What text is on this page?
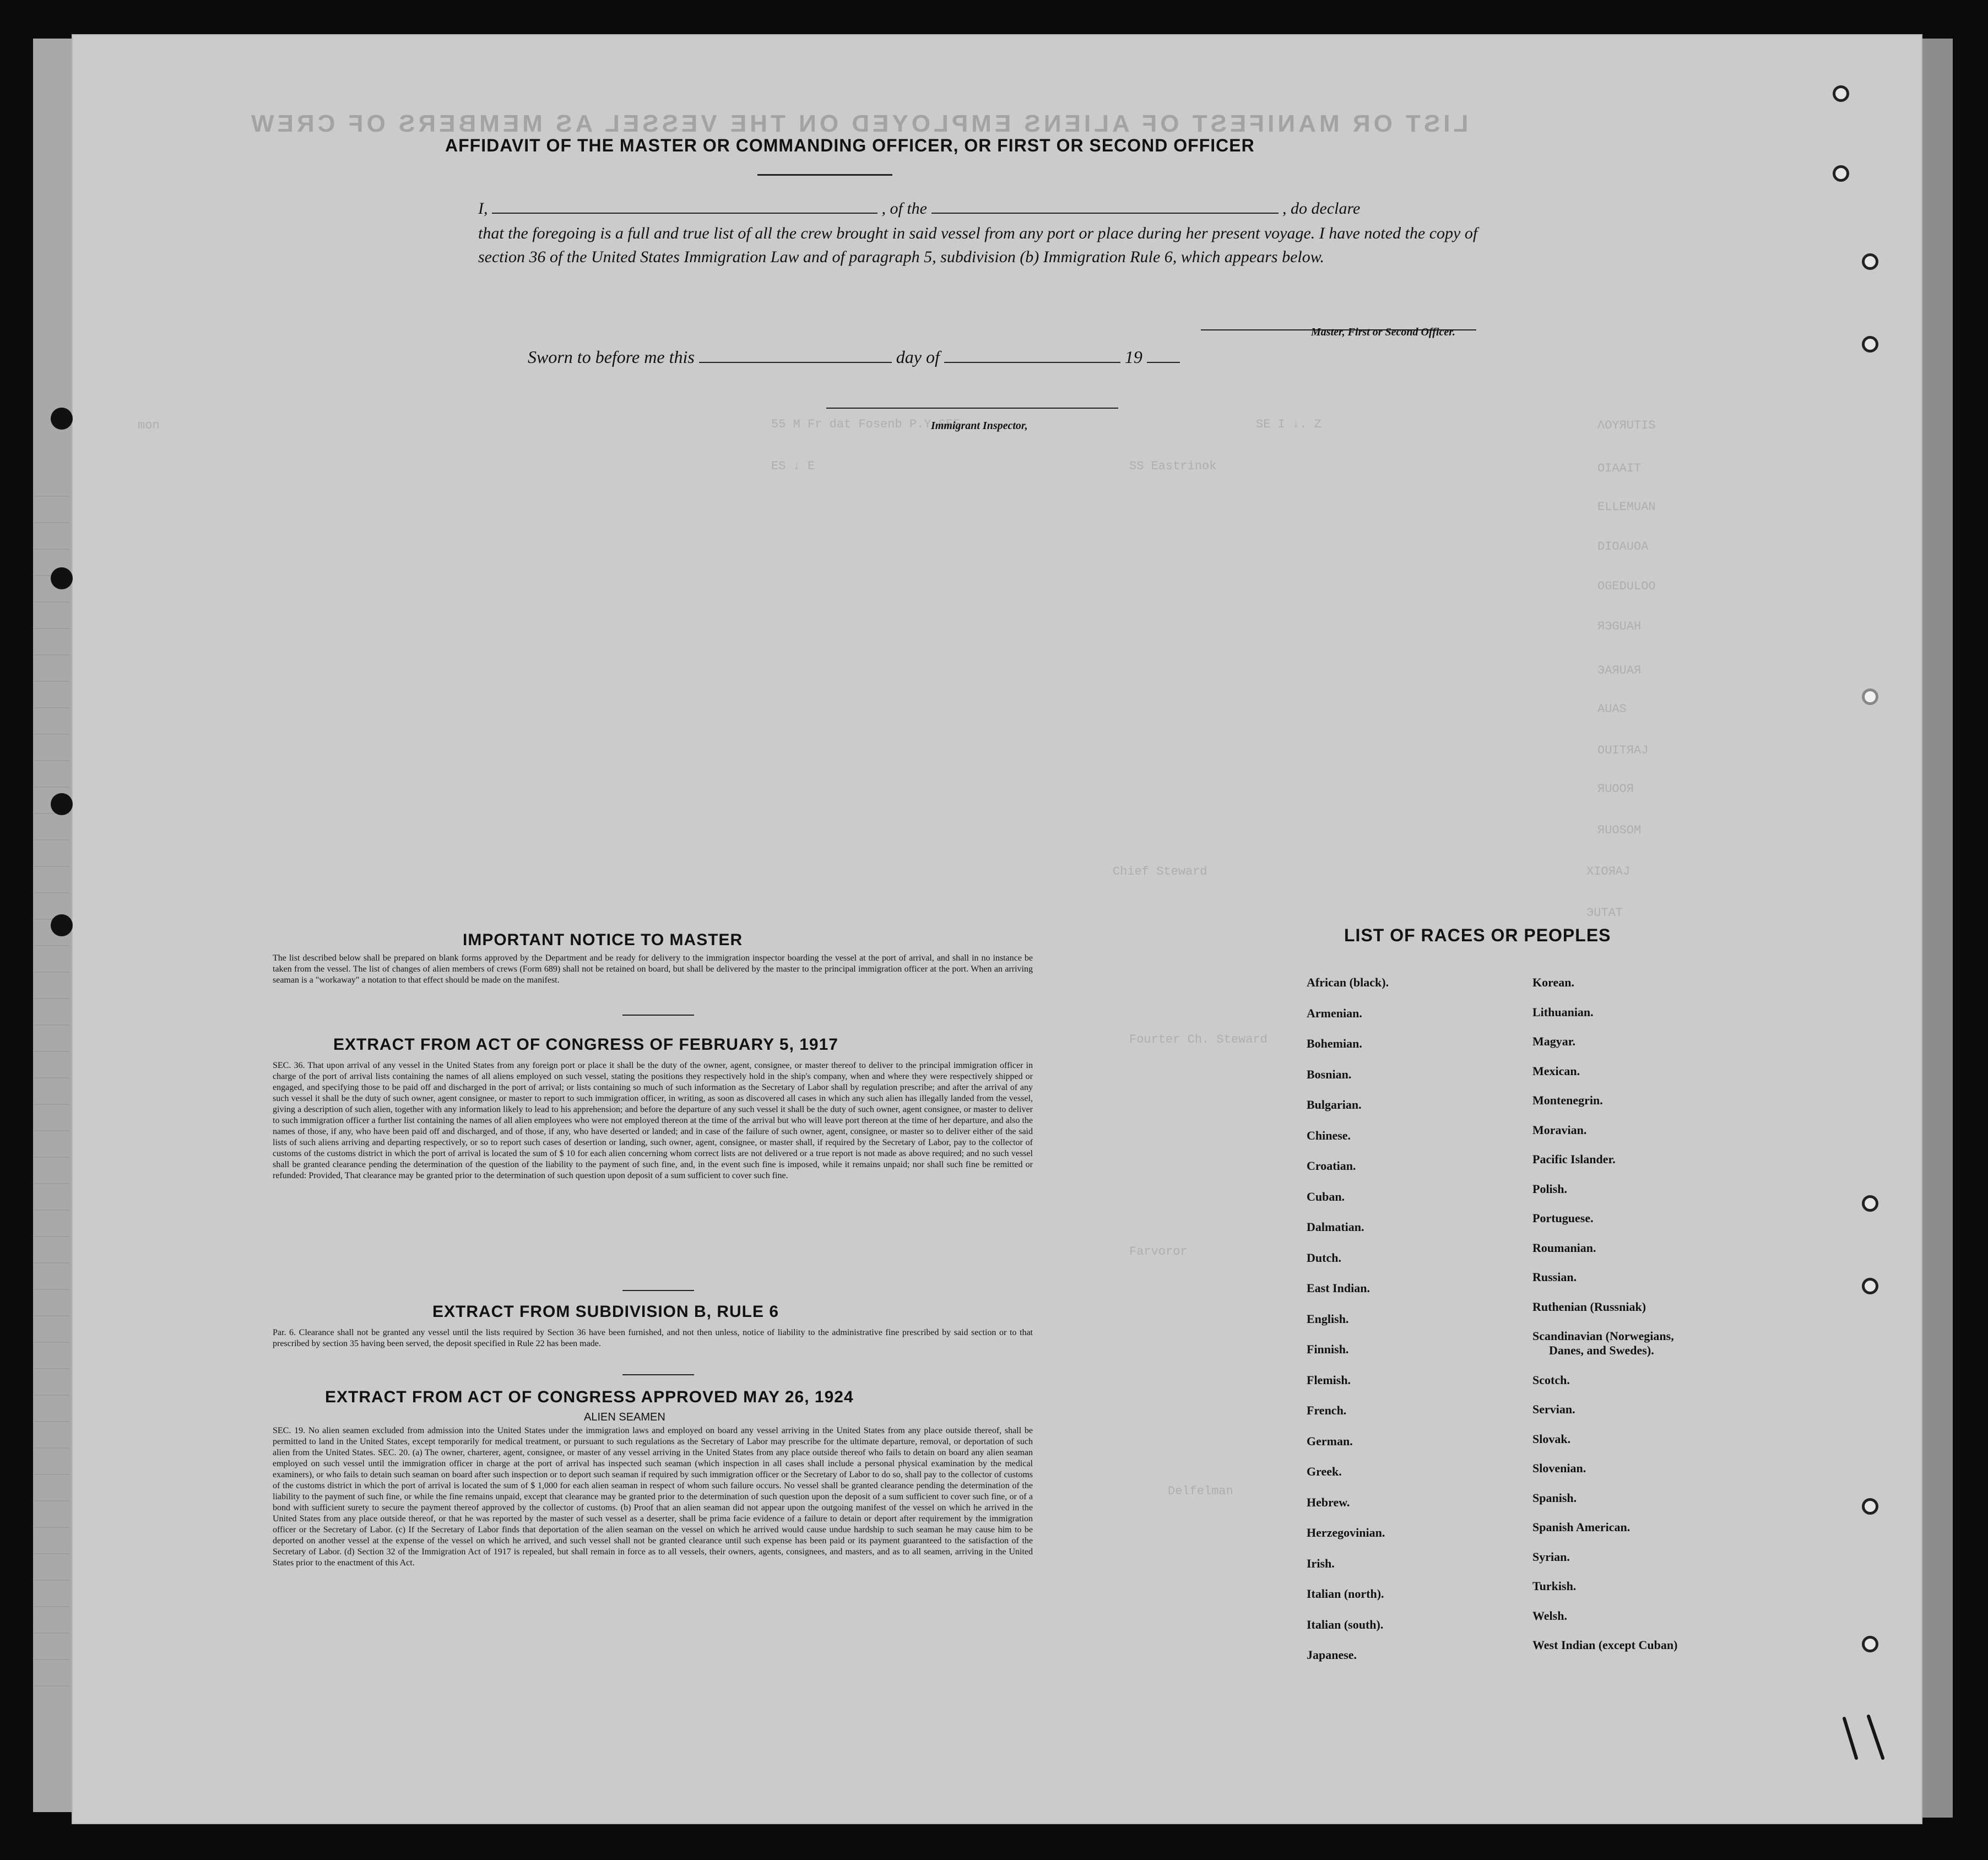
LIST OR MANIFEST OF ALIENS EMPLOYED ON THE VESSEL AS MEMBERS OF CREW
ΛOYЯUTIS
OIAAIT
ELLEMUAN
DIOAUOA
OGEDULOO
ЯЭGUAH
ЭАЯUAЯ
AUAS
OUITЯAJ
ЯUOOЯ
ЯUOSOM
XIOЯAJ
ЭUTAT
mon	SE I ↓. Z
55 M Fr dat Fosenb P.Y SEE
SS Eastrinok
ES ↓ E
Chief Steward
Fourter Ch. Steward
Farvoror
Delfelman
AFFIDAVIT OF THE MASTER OR COMMANDING OFFICER, OR FIRST OR SECOND OFFICER
I,	, of the	, do declare
that the foregoing is a full and true list of all the crew brought in said vessel from any port or place during her present voyage. I have noted the copy of section 36 of the United States Immigration Law and of paragraph 5, subdivision (b) Immigration Rule 6, which appears below.
Master, First or Second Officer.
Sworn to before me this	day of	19
Immigrant Inspector,
IMPORTANT NOTICE TO MASTER
The list described below shall be prepared on blank forms approved by the Department and be ready for delivery to the immigration inspector boarding the vessel at the port of arrival, and shall in no instance be taken from the vessel. The list of changes of alien members of crews (Form 689) shall not be retained on board, but shall be delivered by the master to the principal immigration officer at the port. When an arriving seaman is a "workaway" a notation to that effect should be made on the manifest.
EXTRACT FROM ACT OF CONGRESS OF FEBRUARY 5, 1917
SEC. 36. That upon arrival of any vessel in the United States from any foreign port or place it shall be the duty of the owner, agent, consignee, or master thereof to deliver to the principal immigration officer in charge of the port of arrival lists containing the names of all aliens employed on such vessel, stating the positions they respectively hold in the ship's company, when and where they were respectively shipped or engaged, and specifying those to be paid off and discharged in the port of arrival; or lists containing so much of such information as the Secretary of Labor shall by regulation prescribe; and after the arrival of any such vessel it shall be the duty of such owner, agent consignee, or master to report to such immigration officer, in writing, as soon as discovered all cases in which any such alien has illegally landed from the vessel, giving a description of such alien, together with any information likely to lead to his apprehension; and before the departure of any such vessel it shall be the duty of such owner, agent consignee, or master to deliver to such immigration officer a further list containing the names of all alien employees who were not employed thereon at the time of the arrival but who will leave port thereon at the time of her departure, and also the names of those, if any, who have been paid off and discharged, and of those, if any, who have deserted or landed; and in case of the failure of such owner, agent, consignee, or master so to deliver either of the said lists of such aliens arriving and departing respectively, or so to report such cases of desertion or landing, such owner, agent, consignee, or master shall, if required by the Secretary of Labor, pay to the collector of customs of the customs district in which the port of arrival is located the sum of $ 10 for each alien concerning whom correct lists are not delivered or a true report is not made as above required; and no such vessel shall be granted clearance pending the determination of the question of the liability to the payment of such fine, and, in the event such fine is imposed, while it remains unpaid; nor shall such fine be remitted or refunded: Provided, That clearance may be granted prior to the determination of such question upon deposit of a sum sufficient to cover such fine.
EXTRACT FROM SUBDIVISION B, RULE 6
Par. 6. Clearance shall not be granted any vessel until the lists required by Section 36 have been furnished, and not then unless, notice of liability to the administrative fine prescribed by said section or to that prescribed by section 35 having been served, the deposit specified in Rule 22 has been made.
EXTRACT FROM ACT OF CONGRESS APPROVED MAY 26, 1924
ALIEN SEAMEN
SEC. 19. No alien seamen excluded from admission into the United States under the immigration laws and employed on board any vessel arriving in the United States from any place outside thereof, shall be permitted to land in the United States, except temporarily for medical treatment, or pursuant to such regulations as the Secretary of Labor may prescribe for the ultimate departure, removal, or deportation of such alien from the United States. SEC. 20. (a) The owner, charterer, agent, consignee, or master of any vessel arriving in the United States from any place outside thereof who fails to detain on board any alien seaman employed on such vessel until the immigration officer in charge at the port of arrival has inspected such seaman (which inspection in all cases shall include a personal physical examination by the medical examiners), or who fails to detain such seaman on board after such inspection or to deport such seaman if required by such immigration officer or the Secretary of Labor to do so, shall pay to the collector of customs of the customs district in which the port of arrival is located the sum of $ 1,000 for each alien seaman in respect of whom such failure occurs. No vessel shall be granted clearance pending the determination of the liability to the payment of such fine, or while the fine remains unpaid, except that clearance may be granted prior to the determination of such question upon the deposit of a sum sufficient to cover such fine, or of a bond with sufficient surety to secure the payment thereof approved by the collector of customs. (b) Proof that an alien seaman did not appear upon the outgoing manifest of the vessel on which he arrived in the United States from any place outside thereof, or that he was reported by the master of such vessel as a deserter, shall be prima facie evidence of a failure to detain or deport after requirement by the immigration officer or the Secretary of Labor. (c) If the Secretary of Labor finds that deportation of the alien seaman on the vessel on which he arrived would cause undue hardship to such seaman he may cause him to be deported on another vessel at the expense of the vessel on which he arrived, and such vessel shall not be granted clearance until such expense has been paid or its payment guaranteed to the satisfaction of the Secretary of Labor. (d) Section 32 of the Immigration Act of 1917 is repealed, but shall remain in force as to all vessels, their owners, agents, consignees, and masters, and as to all seamen, arriving in the United States prior to the enactment of this Act.
LIST OF RACES OR PEOPLES
African (black).
Armenian.
Bohemian.
Bosnian.
Bulgarian.
Chinese.
Croatian.
Cuban.
Dalmatian.
Dutch.
East Indian.
English.
Finnish.
Flemish.
French.
German.
Greek.
Hebrew.
Herzegovinian.
Irish.
Italian (north).
Italian (south).
Japanese.
Korean.
Lithuanian.
Magyar.
Mexican.
Montenegrin.
Moravian.
Pacific Islander.
Polish.
Portuguese.
Roumanian.
Russian.
Ruthenian (Russniak)
Scandinavian (Norwegians,
Danes, and Swedes).
Scotch.
Servian.
Slovak.
Slovenian.
Spanish.
Spanish American.
Syrian.
Turkish.
Welsh.
West Indian (except Cuban)
